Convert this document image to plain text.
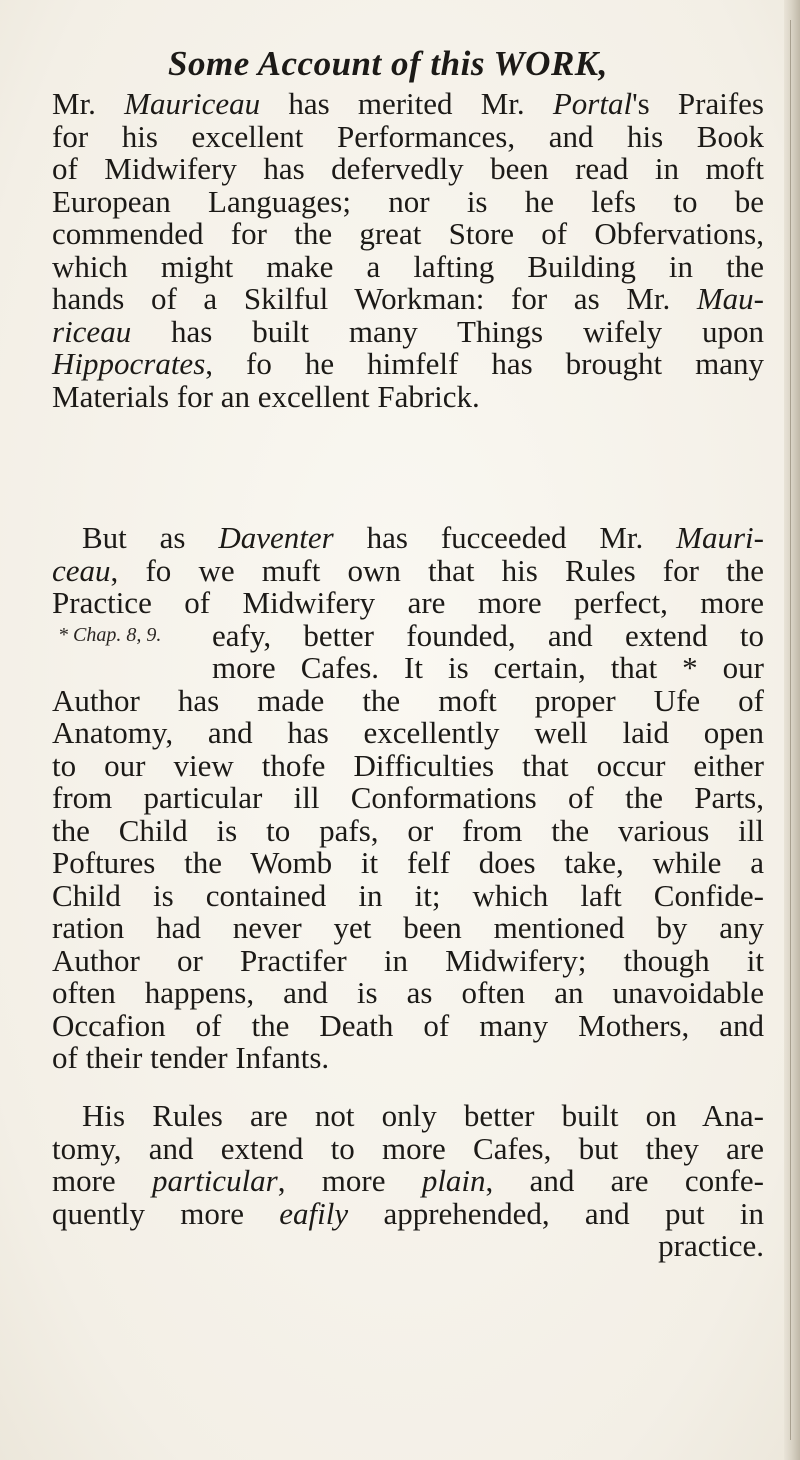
Some Account of this WORK,
Mr. Mauriceau has merited Mr. Portal's Praifes
for his excellent Performances, and his Book
of Midwifery has defervedly been read in moft
European Languages; nor is he lefs to be
commended for the great Store of Obfervations,
which might make a lafting Building in the
hands of a Skilful Workman: for as Mr. Mau-
riceau has built many Things wifely upon
Hippocrates, fo he himfelf has brought many
Materials for an excellent Fabrick.
* Chap. 8, 9.
But as Daventer has fucceeded Mr. Mauri-
ceau, fo we muft own that his Rules for the
Practice of Midwifery are more perfect, more
eafy, better founded, and extend to
more Cafes. It is certain, that * our
Author has made the moft proper Ufe of
Anatomy, and has excellently well laid open
to our view thofe Difficulties that occur either
from particular ill Conformations of the Parts,
the Child is to pafs, or from the various ill
Poftures the Womb it felf does take, while a
Child is contained in it; which laft Confide-
ration had never yet been mentioned by any
Author or Practifer in Midwifery; though it
often happens, and is as often an unavoidable
Occafion of the Death of many Mothers, and
of their tender Infants.
His Rules are not only better built on Ana-
tomy, and extend to more Cafes, but they are
more particular, more plain, and are confe-
quently more eafily apprehended, and put in
practice.
